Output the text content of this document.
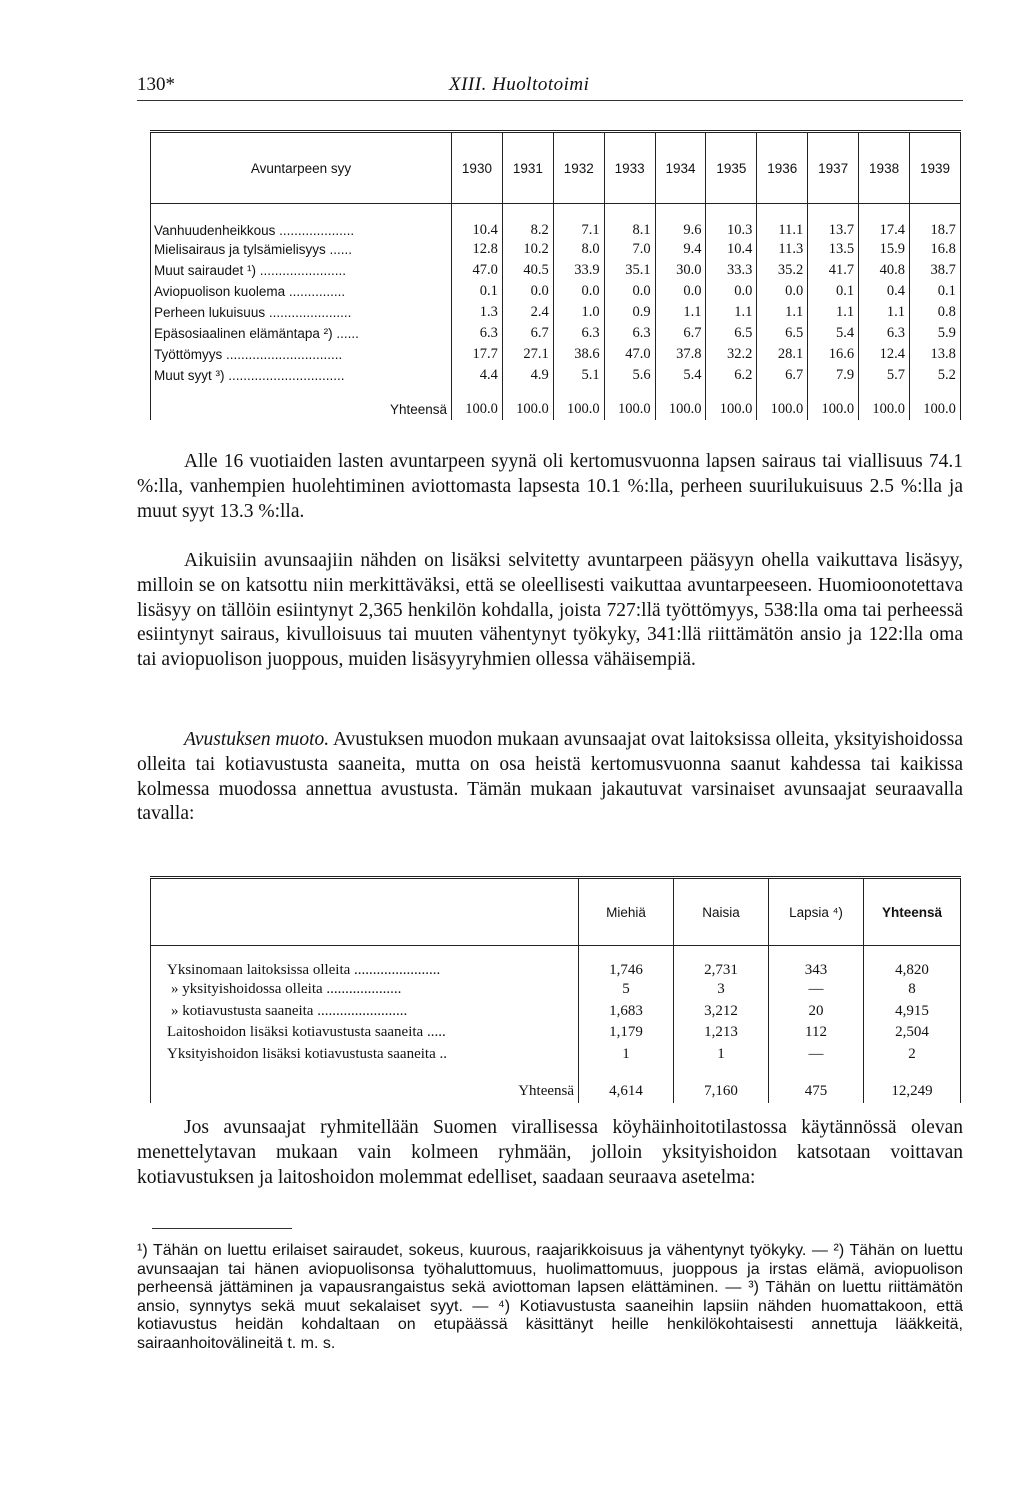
130*	XIII. Huoltotoimi
Avuntarpeen syy	1930	1931	1932	1933	1934	1935	1936	1937	1938	1939
Vanhuudenheikkous ....................	10.4	8.2	7.1	8.1	9.6	10.3	11.1	13.7	17.4	18.7
Mielisairaus ja tylsämielisyys ......	12.8	10.2	8.0	7.0	9.4	10.4	11.3	13.5	15.9	16.8
Muut sairaudet ¹) .......................	47.0	40.5	33.9	35.1	30.0	33.3	35.2	41.7	40.8	38.7
Aviopuolison kuolema ...............	0.1	0.0	0.0	0.0	0.0	0.0	0.0	0.1	0.4	0.1
Perheen lukuisuus ......................	1.3	2.4	1.0	0.9	1.1	1.1	1.1	1.1	1.1	0.8
Epäsosiaalinen elämäntapa ²) ......	6.3	6.7	6.3	6.3	6.7	6.5	6.5	5.4	6.3	5.9
Työttömyys ...............................	17.7	27.1	38.6	47.0	37.8	32.2	28.1	16.6	12.4	13.8
Muut syyt ³) ...............................	4.4	4.9	5.1	5.6	5.4	6.2	6.7	7.9	5.7	5.2
Yhteensä	100.0	100.0	100.0	100.0	100.0	100.0	100.0	100.0	100.0	100.0

Alle 16 vuotiaiden lasten avuntarpeen syynä oli kertomusvuonna lapsen sairaus tai viallisuus 74.1 %:lla, vanhempien huolehtiminen aviottomasta lapsesta 10.1 %:lla, perheen suurilukuisuus 2.5 %:lla ja muut syyt 13.3 %:lla.

Aikuisiin avunsaajiin nähden on lisäksi selvitetty avuntarpeen pääsyyn ohella vaikuttava lisäsyy, milloin se on katsottu niin merkittäväksi, että se oleellisesti vaikuttaa avuntarpeeseen. Huomioonotettava lisäsyy on tällöin esiintynyt 2,365 henkilön kohdalla, joista 727:llä työttömyys, 538:lla oma tai perheessä esiintynyt sairaus, kivulloisuus tai muuten vähentynyt työkyky, 341:llä riittämätön ansio ja 122:lla oma tai aviopuolison juoppous, muiden lisäsyyryhmien ollessa vähäisempiä.

Avustuksen muoto. Avustuksen muodon mukaan avunsaajat ovat laitoksissa olleita, yksityishoidossa olleita tai kotiavustusta saaneita, mutta on osa heistä kertomusvuonna saanut kahdessa tai kaikissa kolmessa muodossa annettua avustusta. Tämän mukaan jakautuvat varsinaiset avunsaajat seuraavalla tavalla:

	Miehiä	Naisia	Lapsia ⁴)	Yhteensä
Yksinomaan laitoksissa olleita .......................	1,746	2,731	343	4,820
» yksityishoidossa olleita ....................	5	3	—	8
» kotiavustusta saaneita ........................	1,683	3,212	20	4,915
Laitoshoidon lisäksi kotiavustusta saaneita .....	1,179	1,213	112	2,504
Yksityishoidon lisäksi kotiavustusta saaneita ..	1	1	—	2
Yhteensä	4,614	7,160	475	12,249

Jos avunsaajat ryhmitellään Suomen virallisessa köyhäinhoitotilastossa käytännössä olevan menettelytavan mukaan vain kolmeen ryhmään, jolloin yksityishoidon katsotaan voittavan kotiavustuksen ja laitoshoidon molemmat edelliset, saadaan seuraava asetelma:

¹) Tähän on luettu erilaiset sairaudet, sokeus, kuurous, raajarikkoisuus ja vähentynyt työkyky. — ²) Tähän on luettu avunsaajan tai hänen aviopuolisonsa työhaluttomuus, huolimattomuus, juoppous ja irstas elämä, aviopuolison perheensä jättäminen ja vapausrangaistus sekä aviottoman lapsen elättäminen. — ³) Tähän on luettu riittämätön ansio, synnytys sekä muut sekalaiset syyt. — ⁴) Kotiavustusta saaneihin lapsiin nähden huomattakoon, että kotiavustus heidän kohdaltaan on etupäässä käsittänyt heille henkilökohtaisesti annettuja lääkkeitä, sairaanhoitovälineitä t. m. s.
